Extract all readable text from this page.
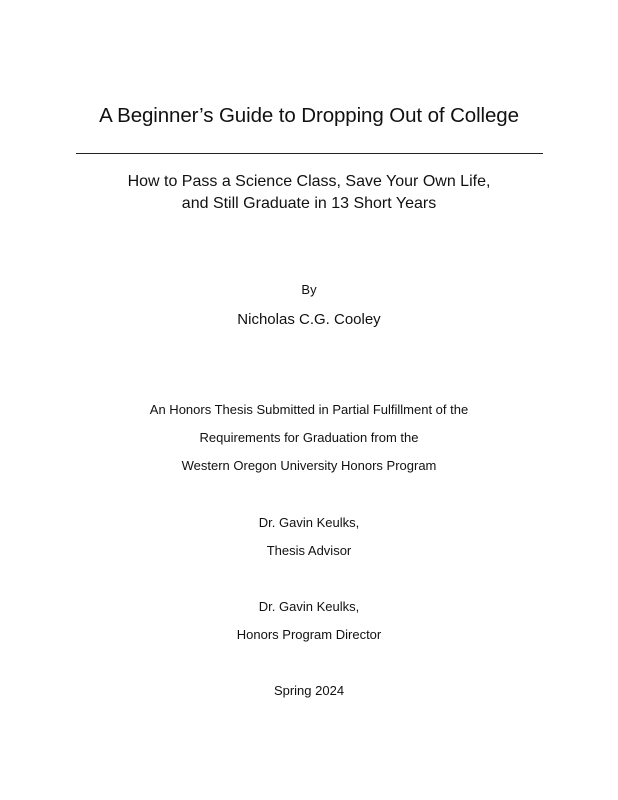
A Beginner’s Guide to Dropping Out of College
How to Pass a Science Class, Save Your Own Life,
and Still Graduate in 13 Short Years
By
Nicholas C.G. Cooley
An Honors Thesis Submitted in Partial Fulfillment of the
Requirements for Graduation from the
Western Oregon University Honors Program
Dr. Gavin Keulks,
Thesis Advisor
Dr. Gavin Keulks,
Honors Program Director
Spring 2024
